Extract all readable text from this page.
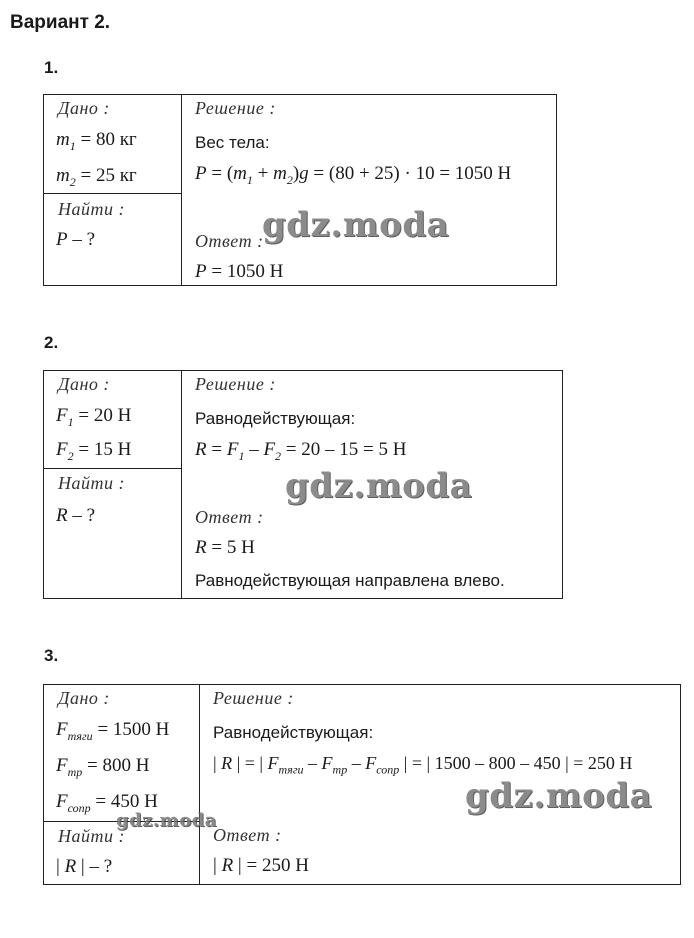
Вариант 2.
1.
Дано :
$m_1 = 80$ кг
$m_2 = 25$ кг
Найти :
P – ?
Решение :
Вес тела:
$P = (m_1 + m_2)g = (80 + 25) \cdot 10 = 1050$ Н
Ответ :
P = 1050 Н
gdz.moda
2.
Дано :
$F_1 = 20$ Н
$F_2 = 15$ Н
Найти :
R – ?
Решение :
Равнодействующая:
$R = F_1 - F_2 = 20 - 15 = 5$ Н
Ответ :
R = 5 Н
Равнодействующая направлена влево.
gdz.moda
3.
Дано :
$F_{тяги} = 1500$ Н
$F_{тр} = 800$ Н
$F_{сопр} = 450$ Н
Найти :
| R | – ?
Решение :
Равнодействующая:
| R | = | $F_{тяги} - F_{тр} - F_{сопр}$ | = | 1500 – 800 – 450 | = 250 Н
Ответ :
| R | = 250 Н
gdz.moda
gdz.moda
